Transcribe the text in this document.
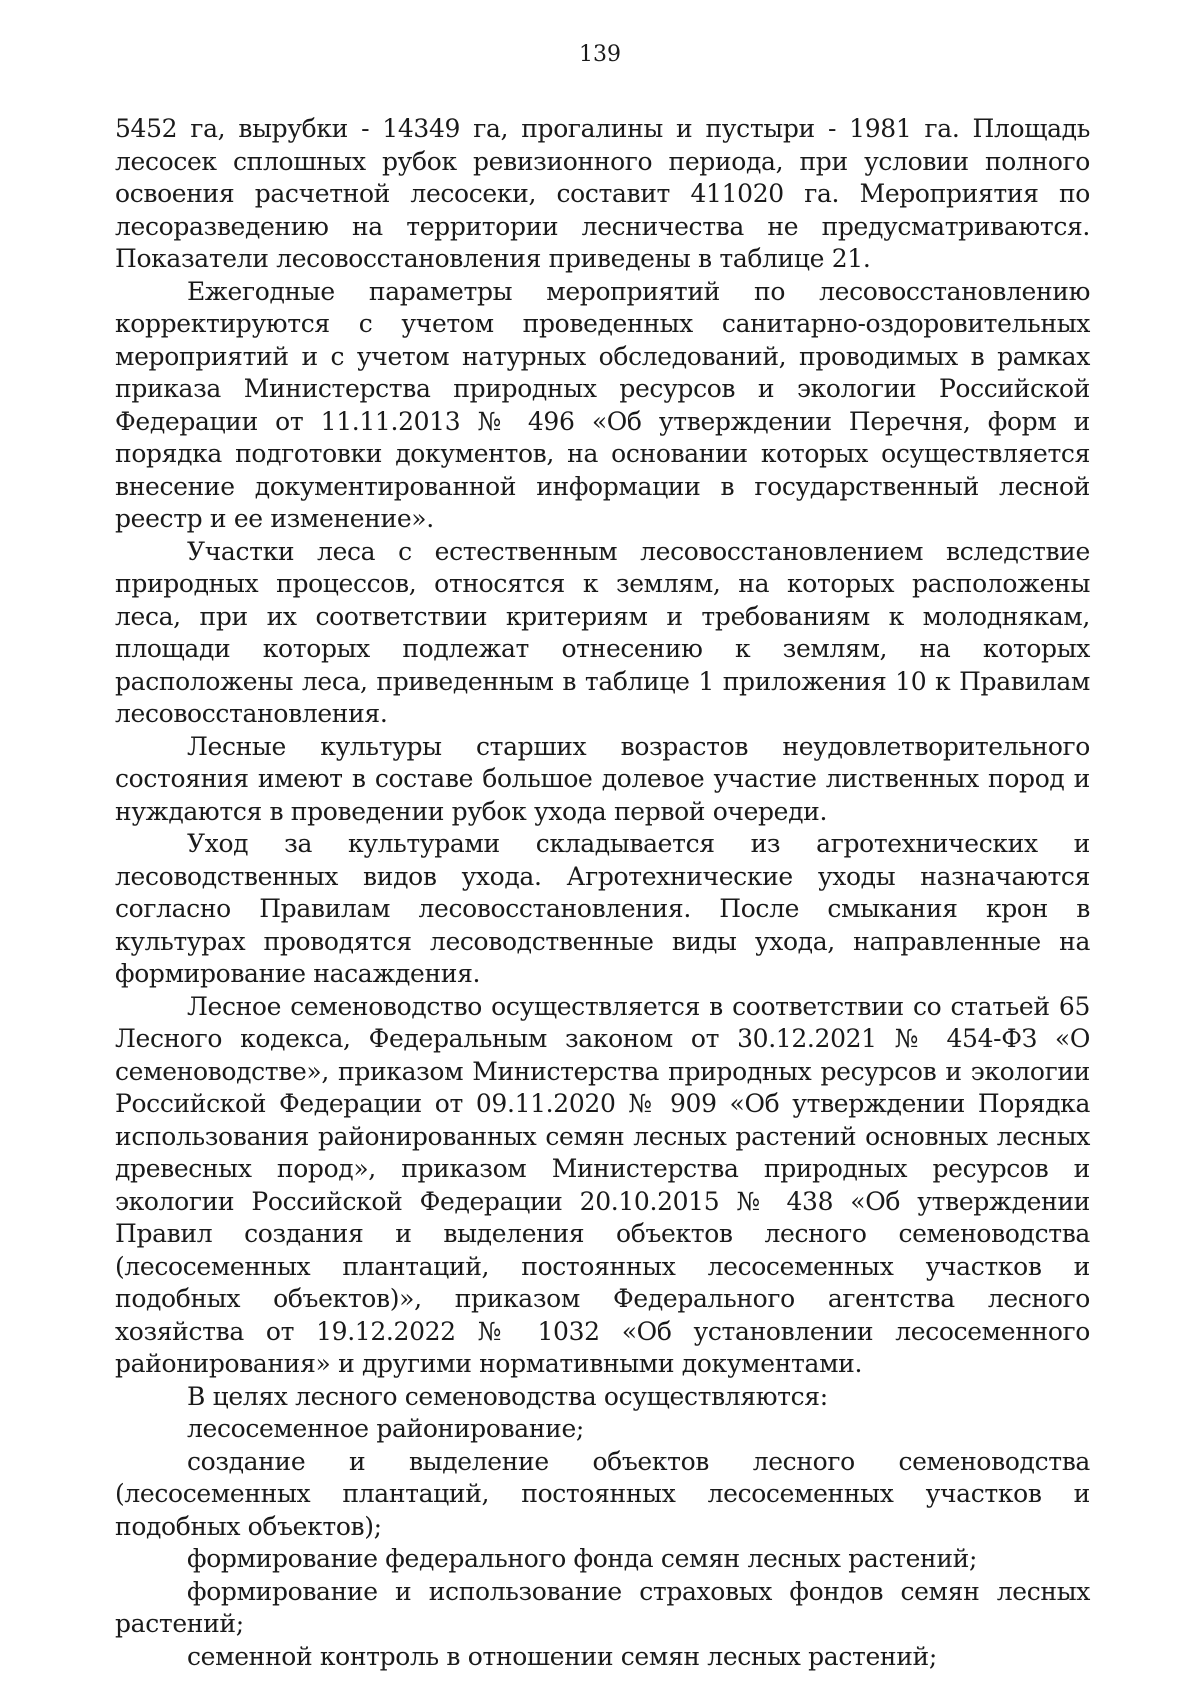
139

5452 га, вырубки - 14349 га, прогалины и пустыри - 1981 га. Площадь лесосек сплошных рубок ревизионного периода, при условии полного освоения расчетной лесосеки, составит 411020 га. Мероприятия по лесоразведению на территории лесничества не предусматриваются. Показатели лесовосстановления приведены в таблице 21.

Ежегодные параметры мероприятий по лесовосстановлению корректируются с учетом проведенных санитарно-оздоровительных мероприятий и с учетом натурных обследований, проводимых в рамках приказа Министерства природных ресурсов и экологии Российской Федерации от 11.11.2013 № 496 «Об утверждении Перечня, форм и порядка подготовки документов, на основании которых осуществляется внесение документированной информации в государственный лесной реестр и ее изменение».

Участки леса с естественным лесовосстановлением вследствие природных процессов, относятся к землям, на которых расположены леса, при их соответствии критериям и требованиям к молоднякам, площади которых подлежат отнесению к землям, на которых расположены леса, приведенным в таблице 1 приложения 10 к Правилам лесовосстановления.

Лесные культуры старших возрастов неудовлетворительного состояния имеют в составе большое долевое участие лиственных пород и нуждаются в проведении рубок ухода первой очереди.

Уход за культурами складывается из агротехнических и лесоводственных видов ухода. Агротехнические уходы назначаются согласно Правилам лесовосстановления. После смыкания крон в культурах проводятся лесоводственные виды ухода, направленные на формирование насаждения.

Лесное семеноводство осуществляется в соответствии со статьей 65 Лесного кодекса, Федеральным законом от 30.12.2021 № 454-ФЗ «О семеноводстве», приказом Министерства природных ресурсов и экологии Российской Федерации от 09.11.2020 № 909 «Об утверждении Порядка использования районированных семян лесных растений основных лесных древесных пород», приказом Министерства природных ресурсов и экологии Российской Федерации 20.10.2015 № 438 «Об утверждении Правил создания и выделения объектов лесного семеноводства (лесосеменных плантаций, постоянных лесосеменных участков и подобных объектов)», приказом Федерального агентства лесного хозяйства от 19.12.2022 № 1032 «Об установлении лесосеменного районирования» и другими нормативными документами.

В целях лесного семеноводства осуществляются:

лесосеменное районирование;

создание и выделение объектов лесного семеноводства (лесосеменных плантаций, постоянных лесосеменных участков и подобных объектов);

формирование федерального фонда семян лесных растений;

формирование и использование страховых фондов семян лесных растений;

семенной контроль в отношении семян лесных растений;
